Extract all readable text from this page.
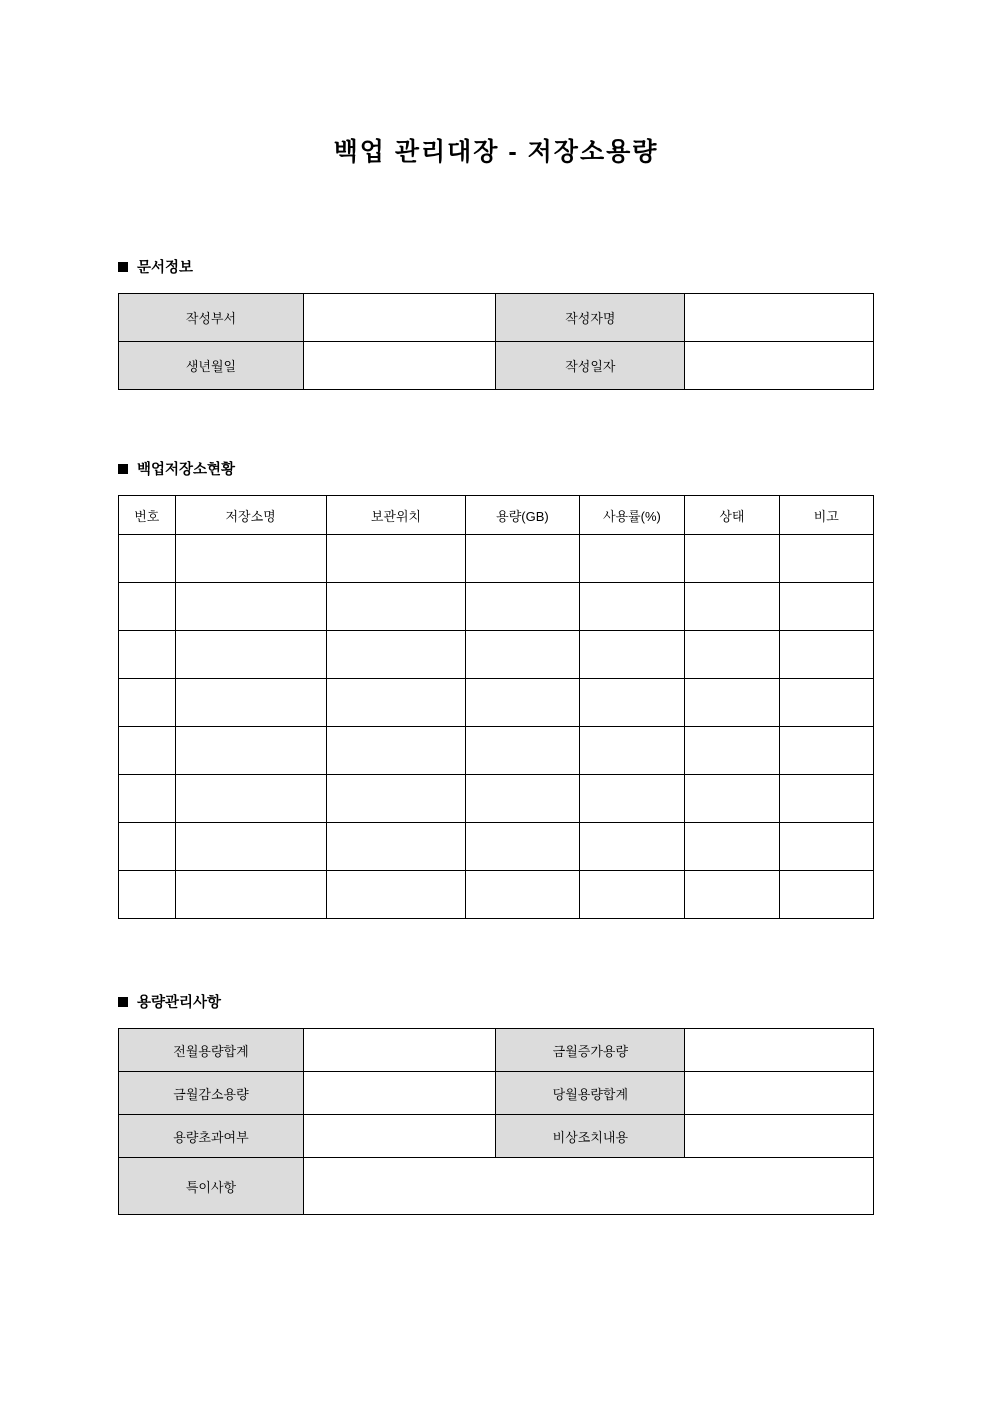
백업 관리대장 - 저장소용량
문서정보
작성부서		작성자명	
생년월일		작성일자	
백업저장소현황
번호	저장소명	보관위치	용량(GB)	사용률(%)	상태	비고

용량관리사항
전월용량합계		금월증가용량	
금월감소용량		당월용량합계	
용량초과여부		비상조치내용	
특이사항			
